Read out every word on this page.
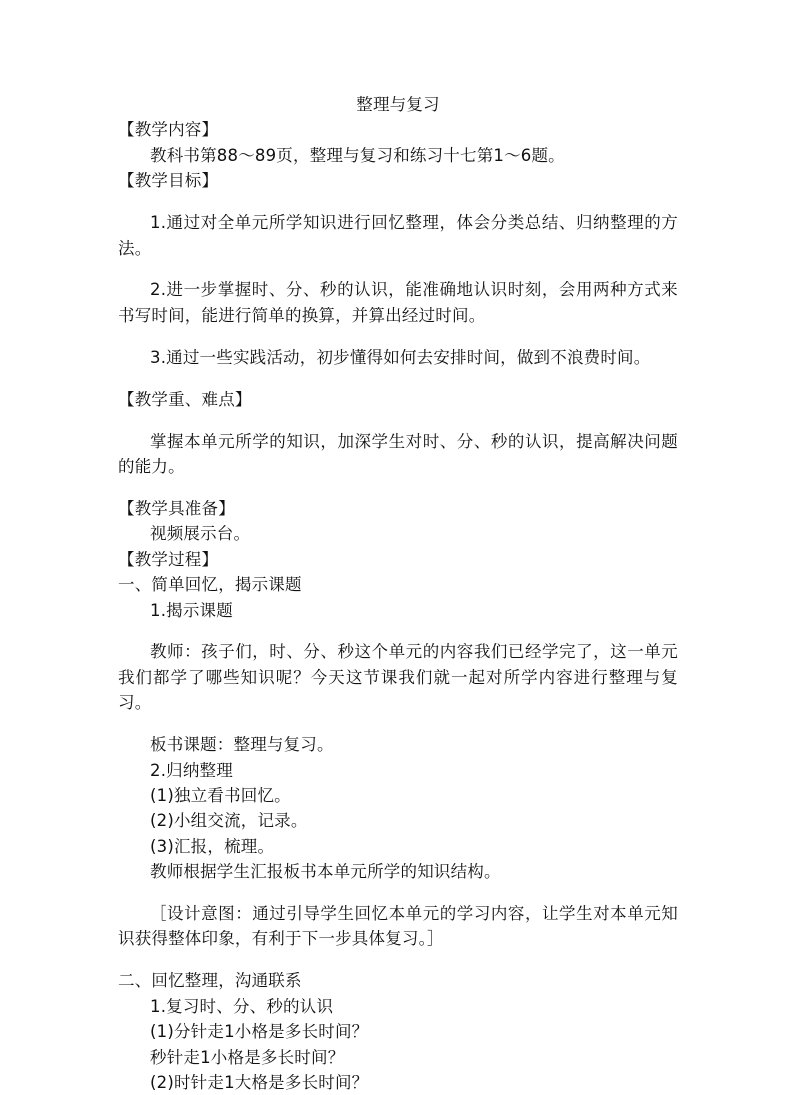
整理与复习

【教学内容】

教科书第88～89页，整理与复习和练习十七第1～6题。

【教学目标】

1.通过对全单元所学知识进行回忆整理，体会分类总结、归纳整理的方法。

2.进一步掌握时、分、秒的认识，能准确地认识时刻，会用两种方式来书写时间，能进行简单的换算，并算出经过时间。

3.通过一些实践活动，初步懂得如何去安排时间，做到不浪费时间。

【教学重、难点】

掌握本单元所学的知识，加深学生对时、分、秒的认识，提高解决问题的能力。

【教学具准备】

视频展示台。

【教学过程】

一、简单回忆，揭示课题

1.揭示课题

教师：孩子们，时、分、秒这个单元的内容我们已经学完了，这一单元我们都学了哪些知识呢？今天这节课我们就一起对所学内容进行整理与复习。

板书课题：整理与复习。

2.归纳整理

(1)独立看书回忆。

(2)小组交流，记录。

(3)汇报，梳理。

教师根据学生汇报板书本单元所学的知识结构。

［设计意图：通过引导学生回忆本单元的学习内容，让学生对本单元知识获得整体印象，有利于下一步具体复习。］

二、回忆整理，沟通联系

1.复习时、分、秒的认识

(1)分针走1小格是多长时间？

秒针走1小格是多长时间？

(2)时针走1大格是多长时间？
